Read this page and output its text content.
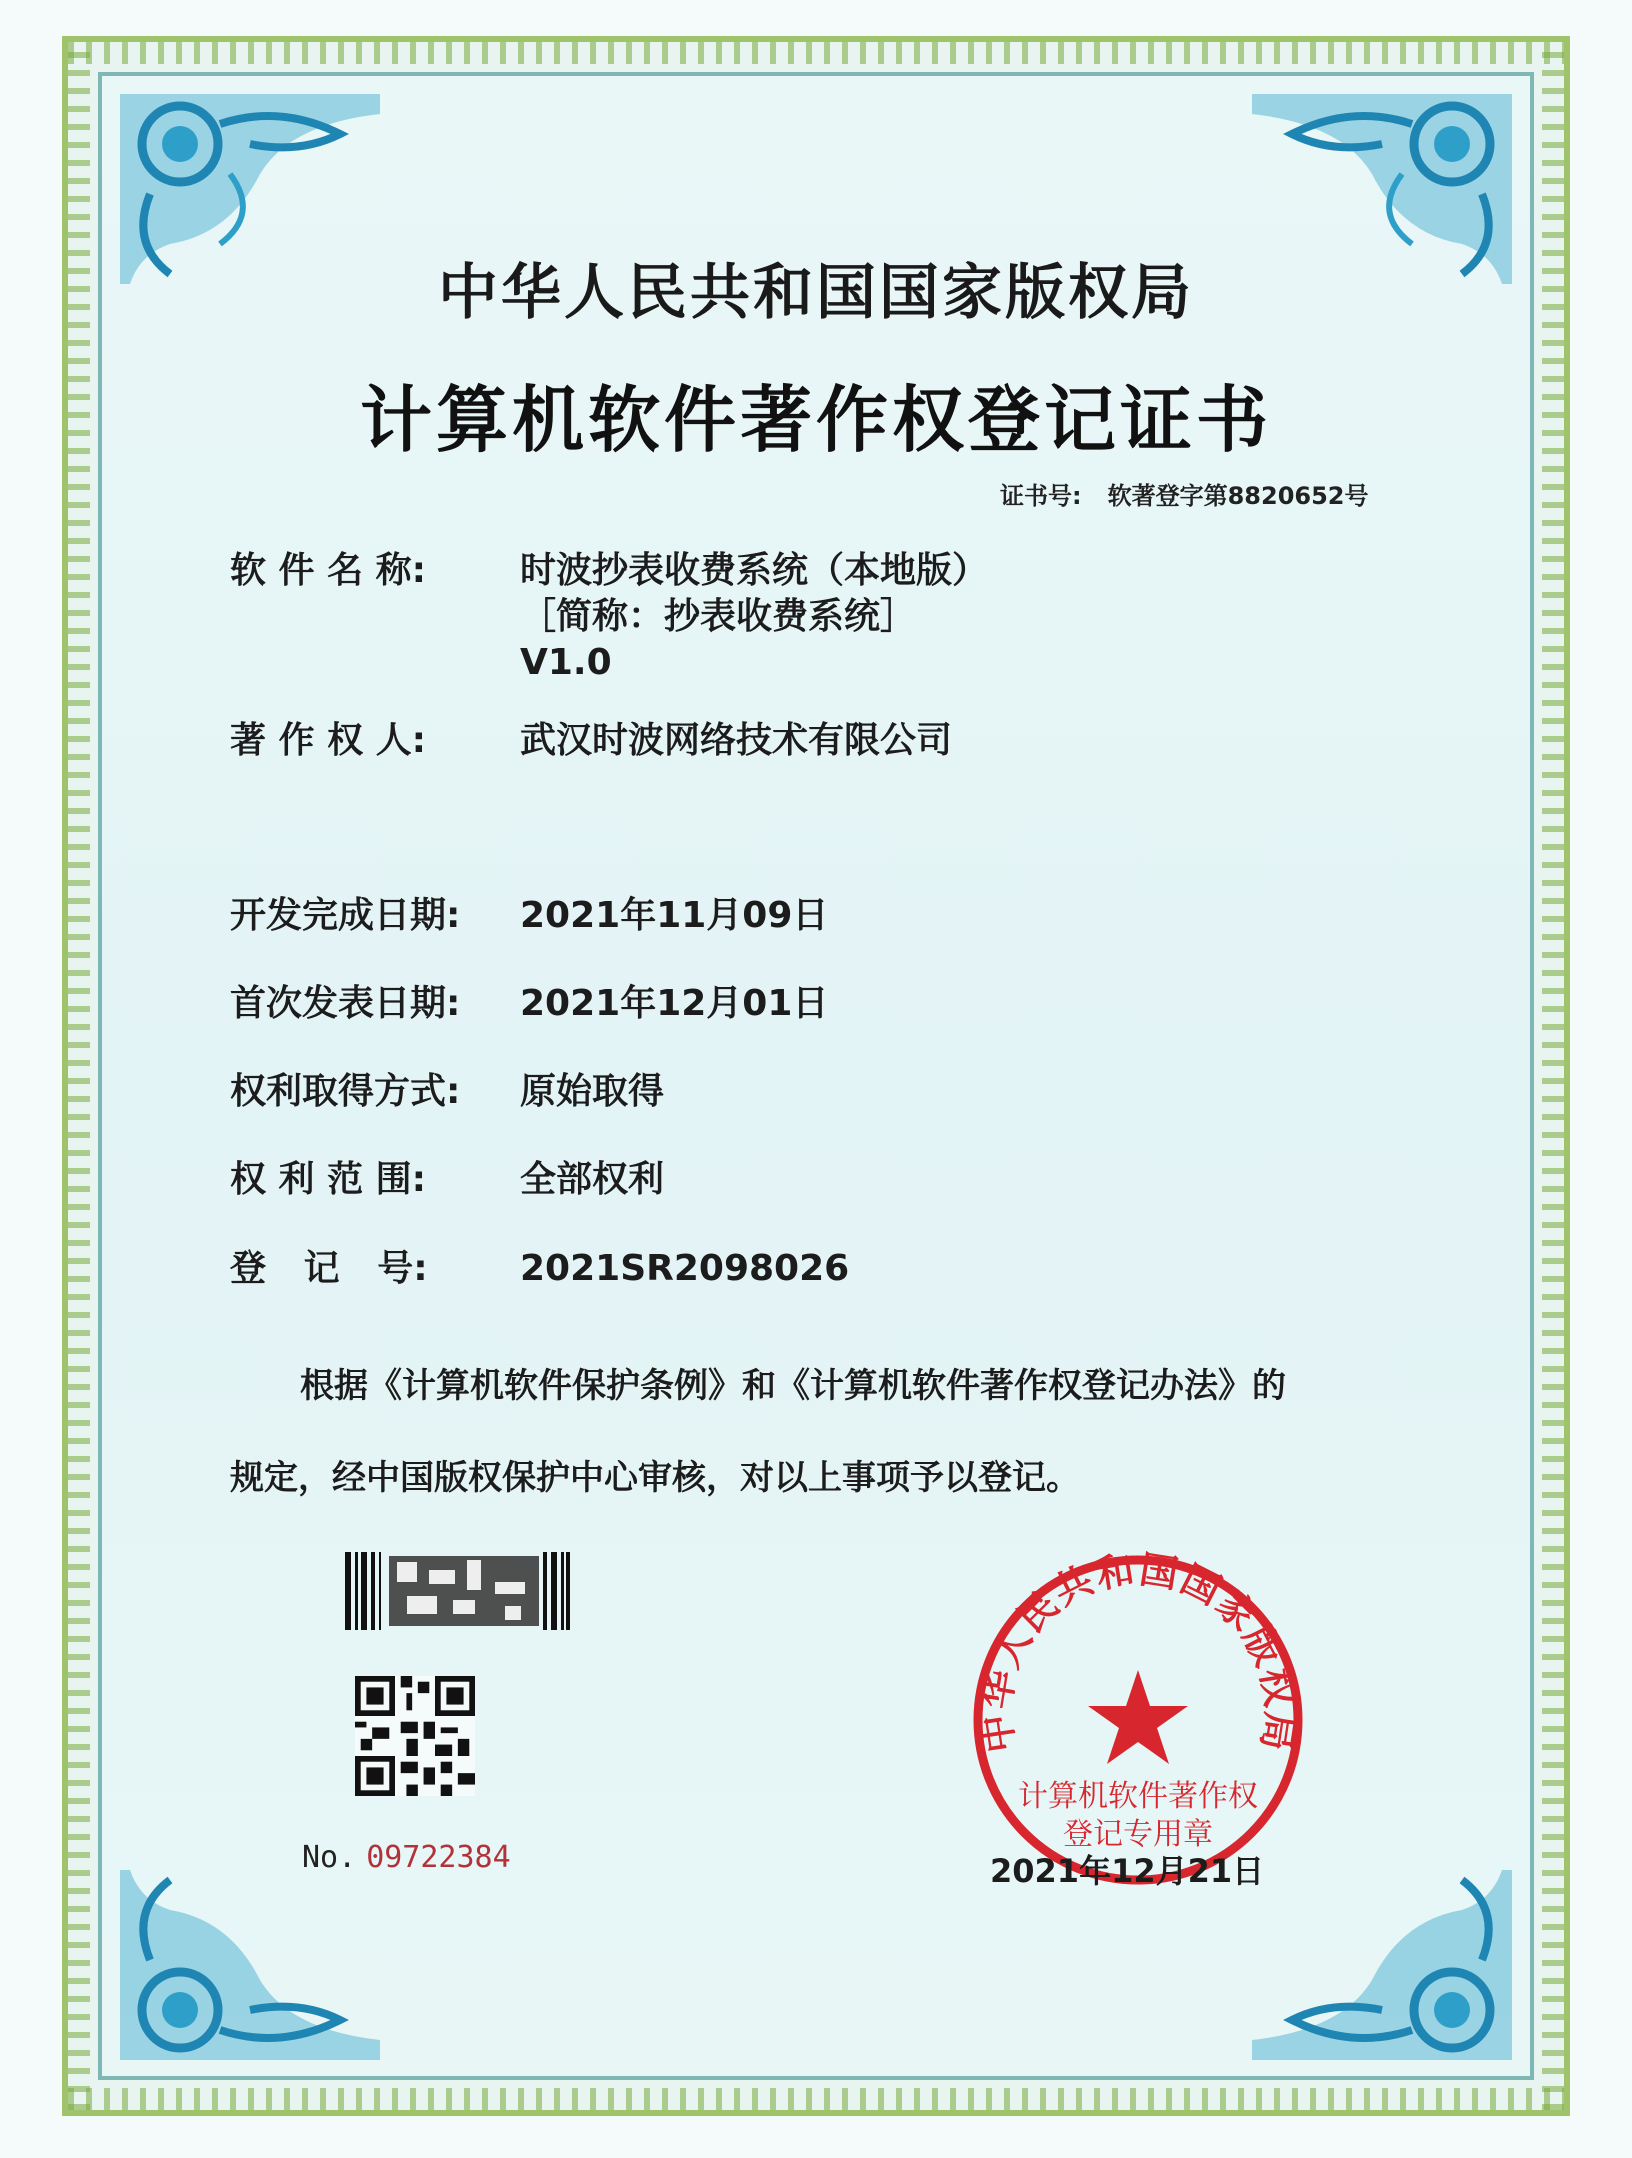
中华人民共和国国家版权局
计算机软件著作权登记证书
证书号: 软著登字第8820652号
软 件 名 称:	时波抄表收费系统（本地版）
［简称：抄表收费系统］
V1.0
著 作 权 人:	武汉时波网络技术有限公司
开发完成日期:	2021年11月09日
首次发表日期:	2021年12月01日
权利取得方式:	原始取得
权 利 范 围:	全部权利
登   记   号:	2021SR2098026
根据《计算机软件保护条例》和《计算机软件著作权登记办法》的
规定，经中国版权保护中心审核，对以上事项予以登记。
No. 09722384
中华人民共和国国家版权局
计算机软件著作权
登记专用章
2021年12月21日
